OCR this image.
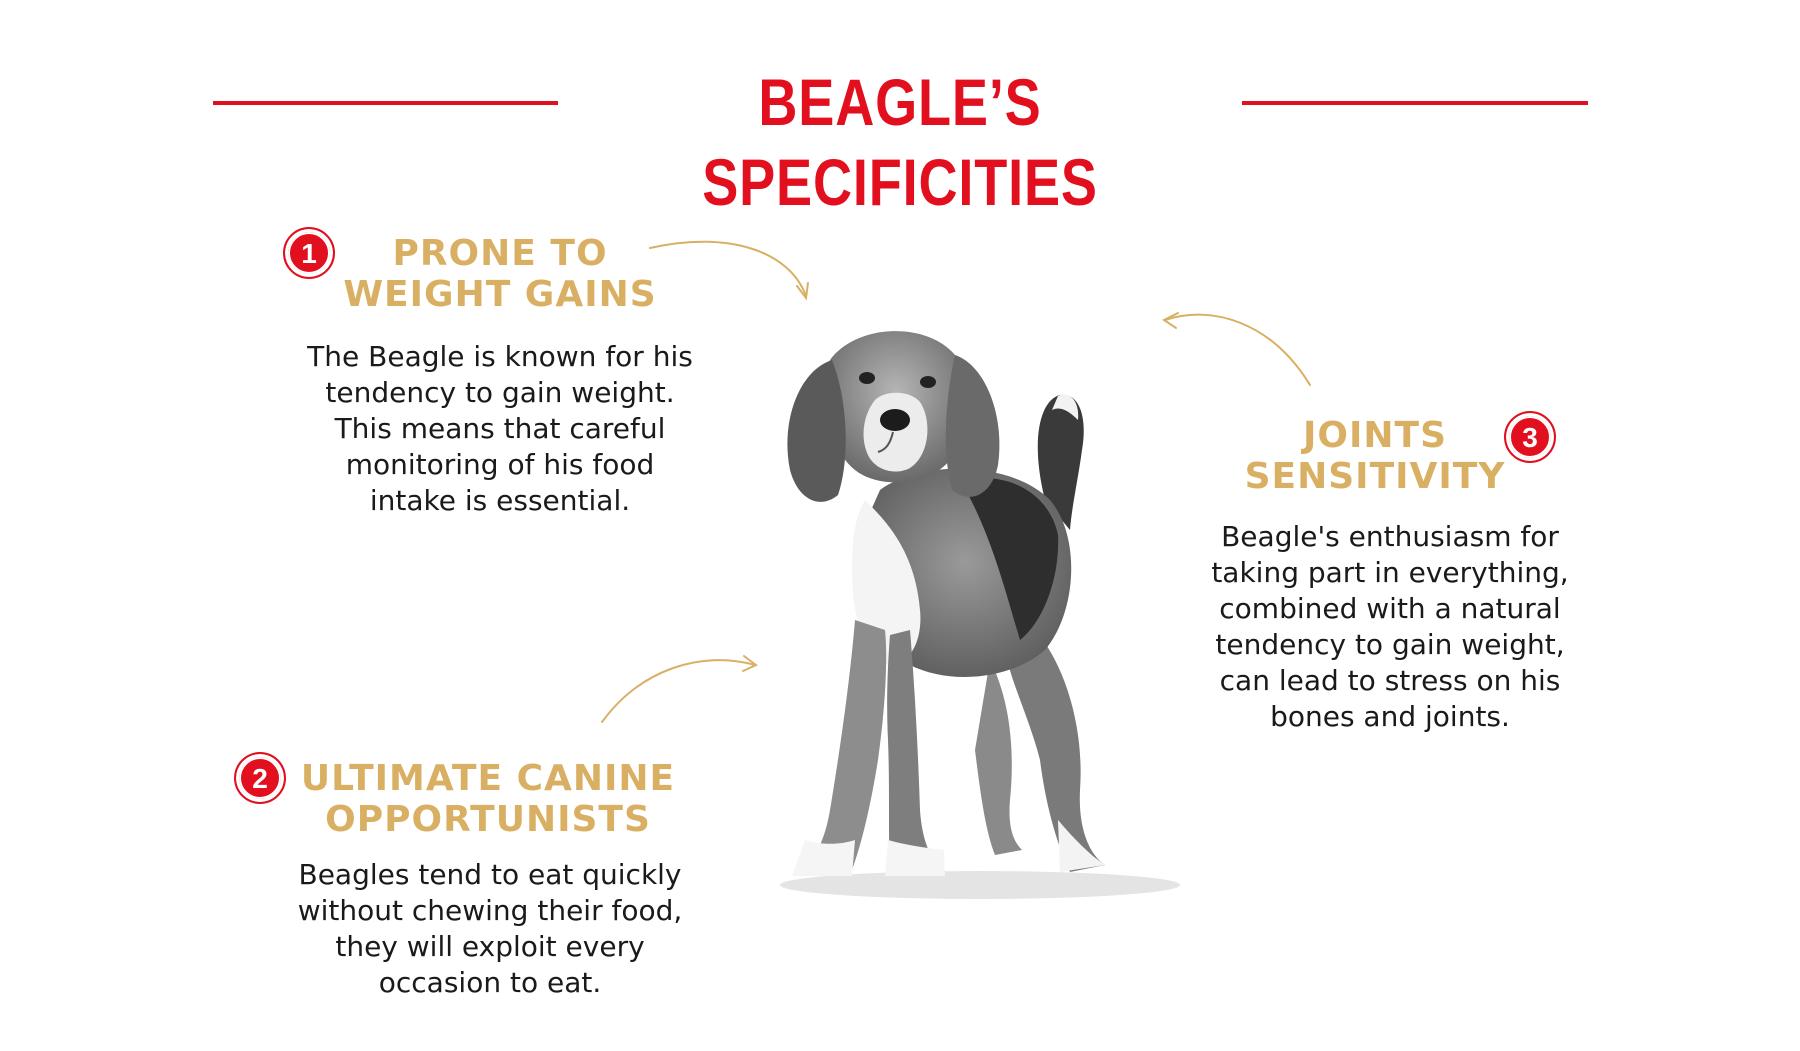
BEAGLE’S SPECIFICITIES
1	PRONE TO
WEIGHT GAINS
The Beagle is known for his
tendency to gain weight.
This means that careful
monitoring of his food
intake is essential.
2 ULTIMATE CANINE
OPPORTUNISTS
Beagles tend to eat quickly
without chewing their food,
they will exploit every
occasion to eat.
3
JOINTS
SENSITIVITY
Beagle's enthusiasm for
taking part in everything,
combined with a natural
tendency to gain weight,
can lead to stress on his
bones and joints.
